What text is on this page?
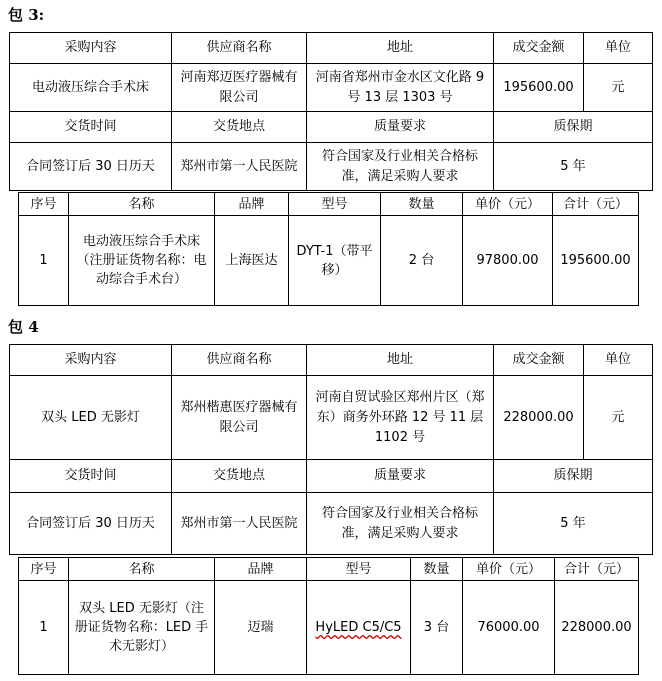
包 3:
采购内容	供应商名称	地址	成交金额	单位
电动液压综合手术床	河南郑迈医疗器械有限公司	河南省郑州市金水区文化路 9 号 13 层 1303 号	195600.00	元
交货时间	交货地点	质量要求	质保期	
合同签订后 30 日历天	郑州市第一人民医院	符合国家及行业相关合格标准，满足采购人要求	5 年	
序号	名称	品牌	型号	数量	单价（元）	合计（元）
1	电动液压综合手术床（注册证货物名称：电动综合手术台）	上海医达	DYT-1（带平移）	2 台	97800.00	195600.00
包 4
采购内容	供应商名称	地址	成交金额	单位
双头 LED 无影灯	郑州楷惠医疗器械有限公司	河南自贸试验区郑州片区（郑东）商务外环路 12 号 11 层 1102 号	228000.00	元
交货时间	交货地点	质量要求	质保期	
合同签订后 30 日历天	郑州市第一人民医院	符合国家及行业相关合格标准，满足采购人要求	5 年	
序号	名称	品牌	型号	数量	单价（元）	合计（元）
1	双头 LED 无影灯（注册证货物名称：LED 手术无影灯）	迈瑞	HyLED C5/C5	3 台	76000.00	228000.00
